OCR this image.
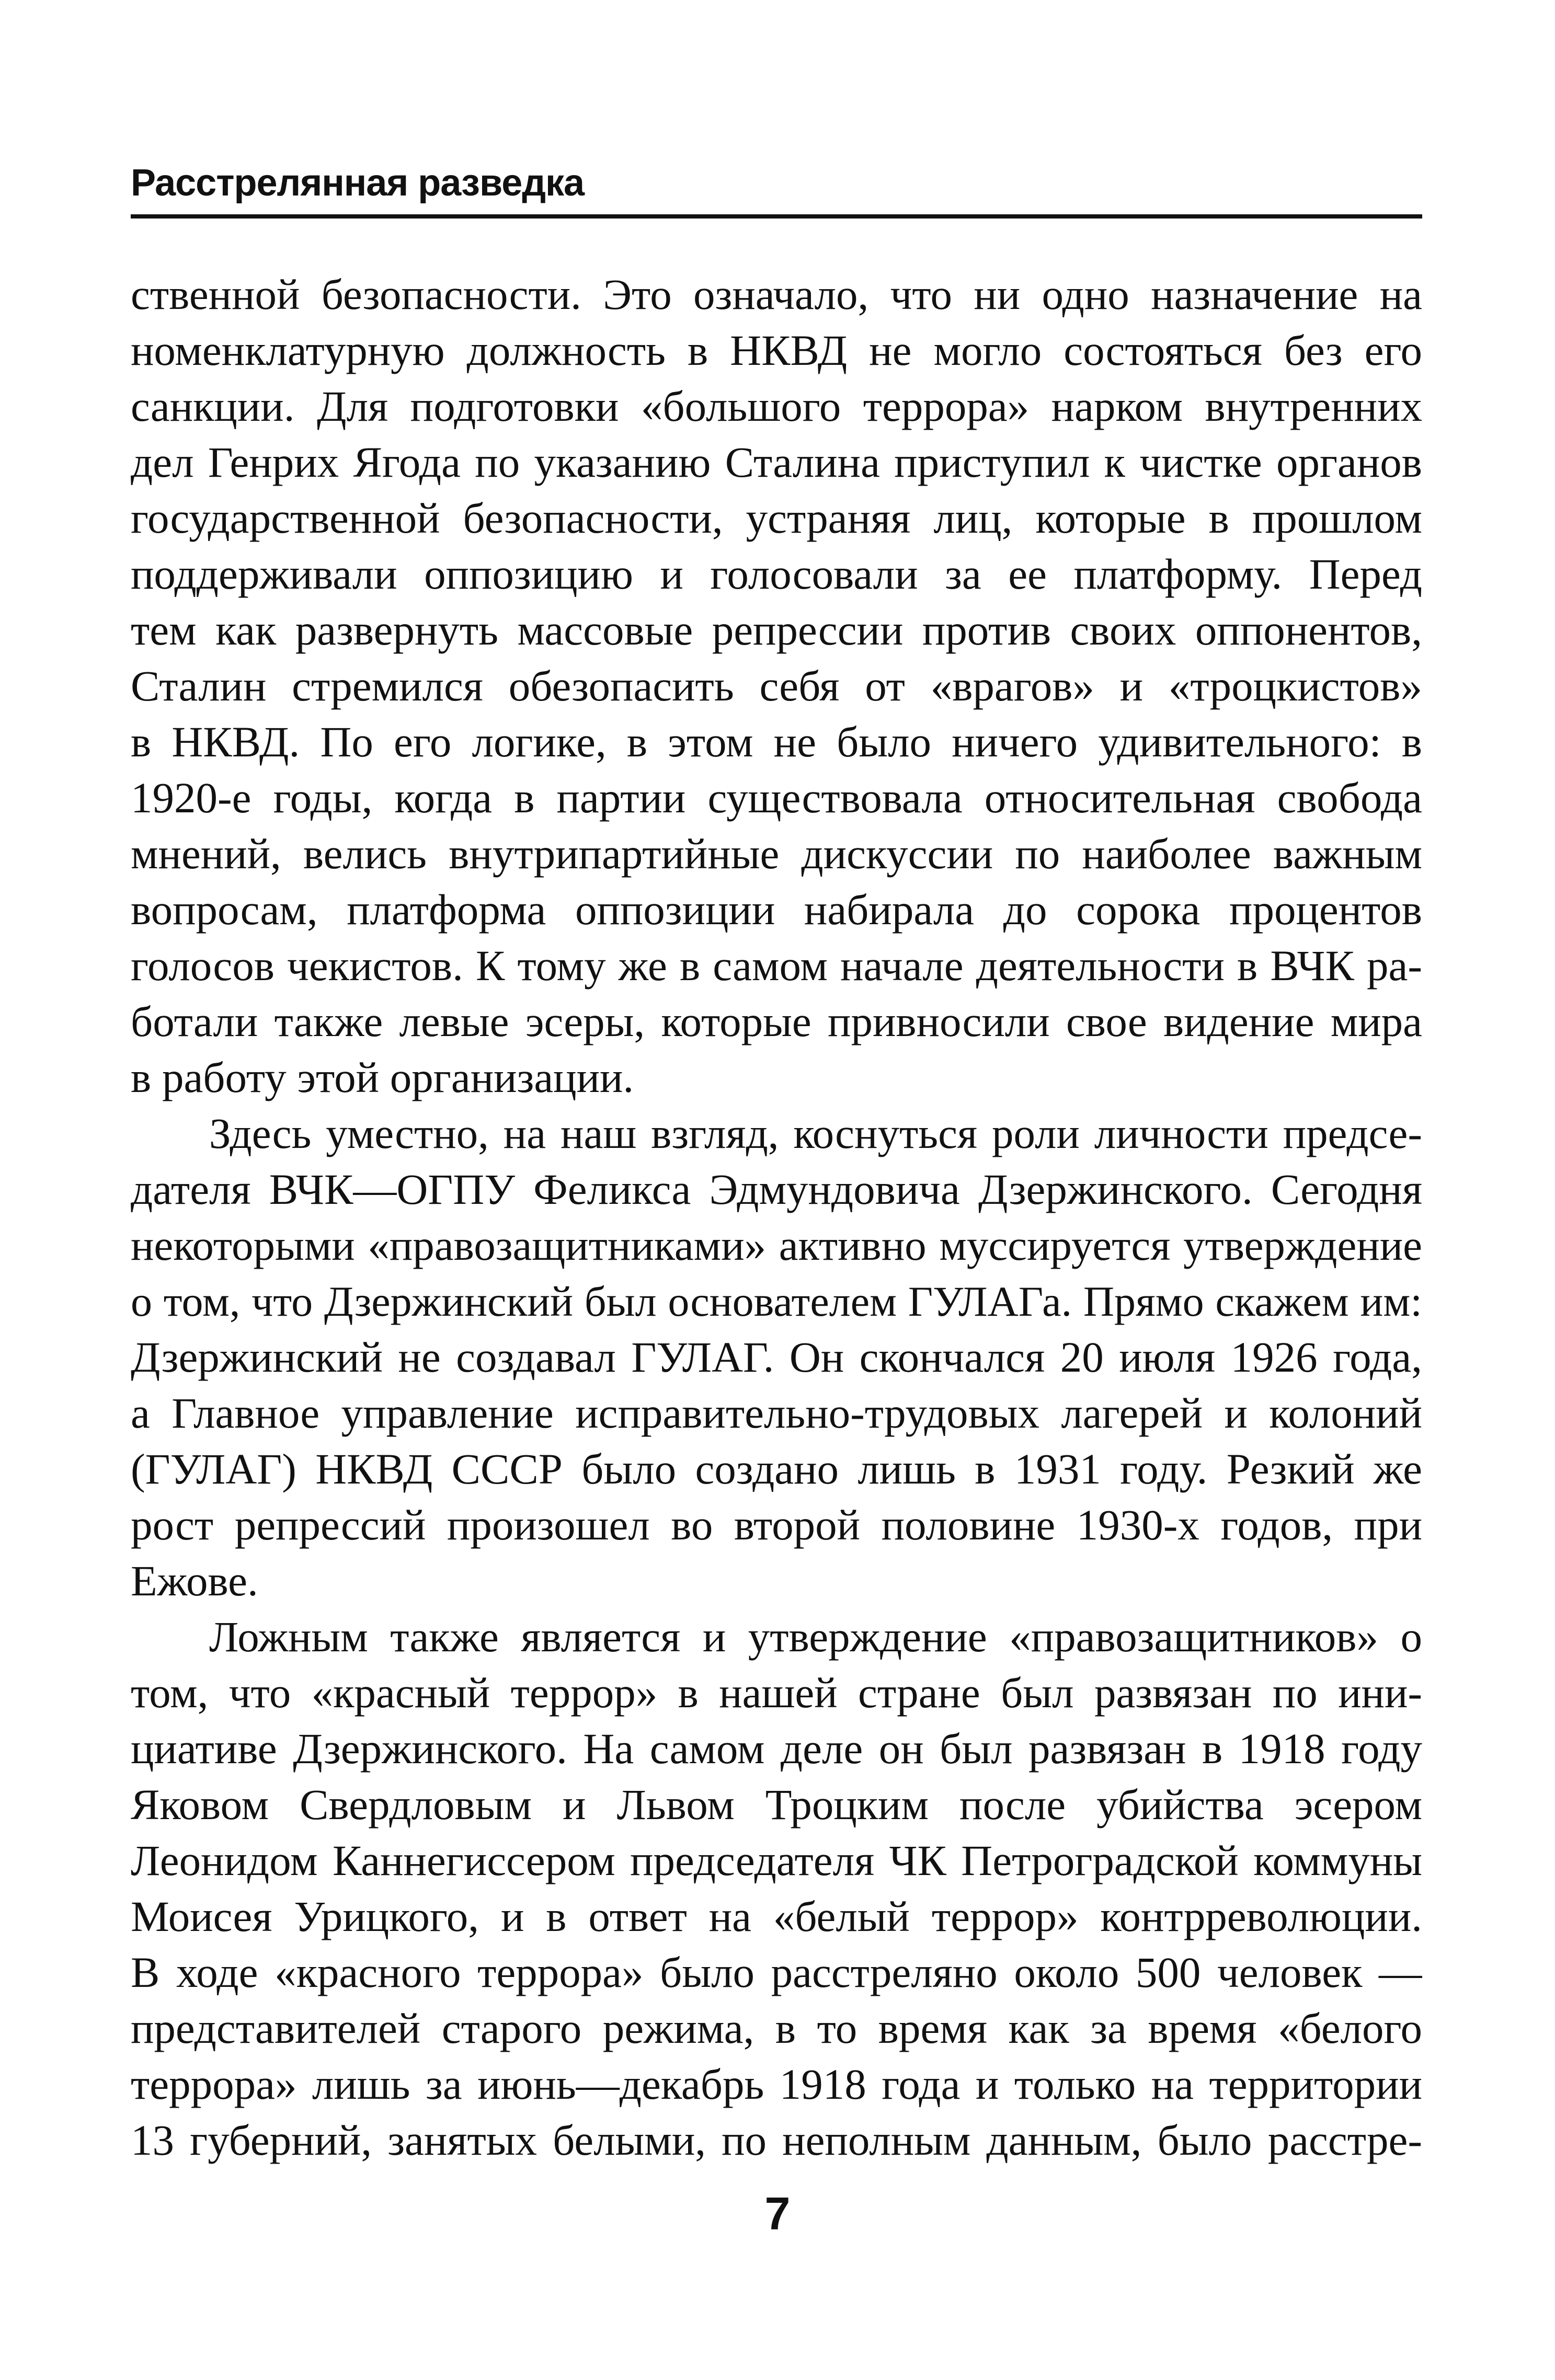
Расстрелянная разведка
ственной безопасности. Это означало, что ни одно назначение на
номенклатурную должность в НКВД не могло состояться без его
санкции. Для подготовки «большого террора» нарком внутренних
дел Генрих Ягода по указанию Сталина приступил к чистке органов
государственной безопасности, устраняя лиц, которые в прошлом
поддерживали оппозицию и голосовали за ее платформу. Перед
тем как развернуть массовые репрессии против своих оппонентов,
Сталин стремился обезопасить себя от «врагов» и «троцкистов»
в НКВД. По его логике, в этом не было ничего удивительного: в
1920-е годы, когда в партии существовала относительная свобода
мнений, велись внутрипартийные дискуссии по наиболее важным
вопросам, платформа оппозиции набирала до сорока процентов
голосов чекистов. К тому же в самом начале деятельности в ВЧК ра-
ботали также левые эсеры, которые привносили свое видение мира
в работу этой организации.
Здесь уместно, на наш взгляд, коснуться роли личности предсе-
дателя ВЧК—ОГПУ Феликса Эдмундовича Дзержинского. Сегодня
некоторыми «правозащитниками» активно муссируется утверждение
о том, что Дзержинский был основателем ГУЛАГа. Прямо скажем им:
Дзержинский не создавал ГУЛАГ. Он скончался 20 июля 1926 года,
а Главное управление исправительно-трудовых лагерей и колоний
(ГУЛАГ) НКВД СССР было создано лишь в 1931 году. Резкий же
рост репрессий произошел во второй половине 1930-х годов, при
Ежове.
Ложным также является и утверждение «правозащитников» о
том, что «красный террор» в нашей стране был развязан по ини-
циативе Дзержинского. На самом деле он был развязан в 1918 году
Яковом Свердловым и Львом Троцким после убийства эсером
Леонидом Каннегиссером председателя ЧК Петроградской коммуны
Моисея Урицкого, и в ответ на «белый террор» контрреволюции.
В ходе «красного террора» было расстреляно около 500 человек —
представителей старого режима, в то время как за время «белого
террора» лишь за июнь—декабрь 1918 года и только на территории
13 губерний, занятых белыми, по неполным данным, было расстре-
7
